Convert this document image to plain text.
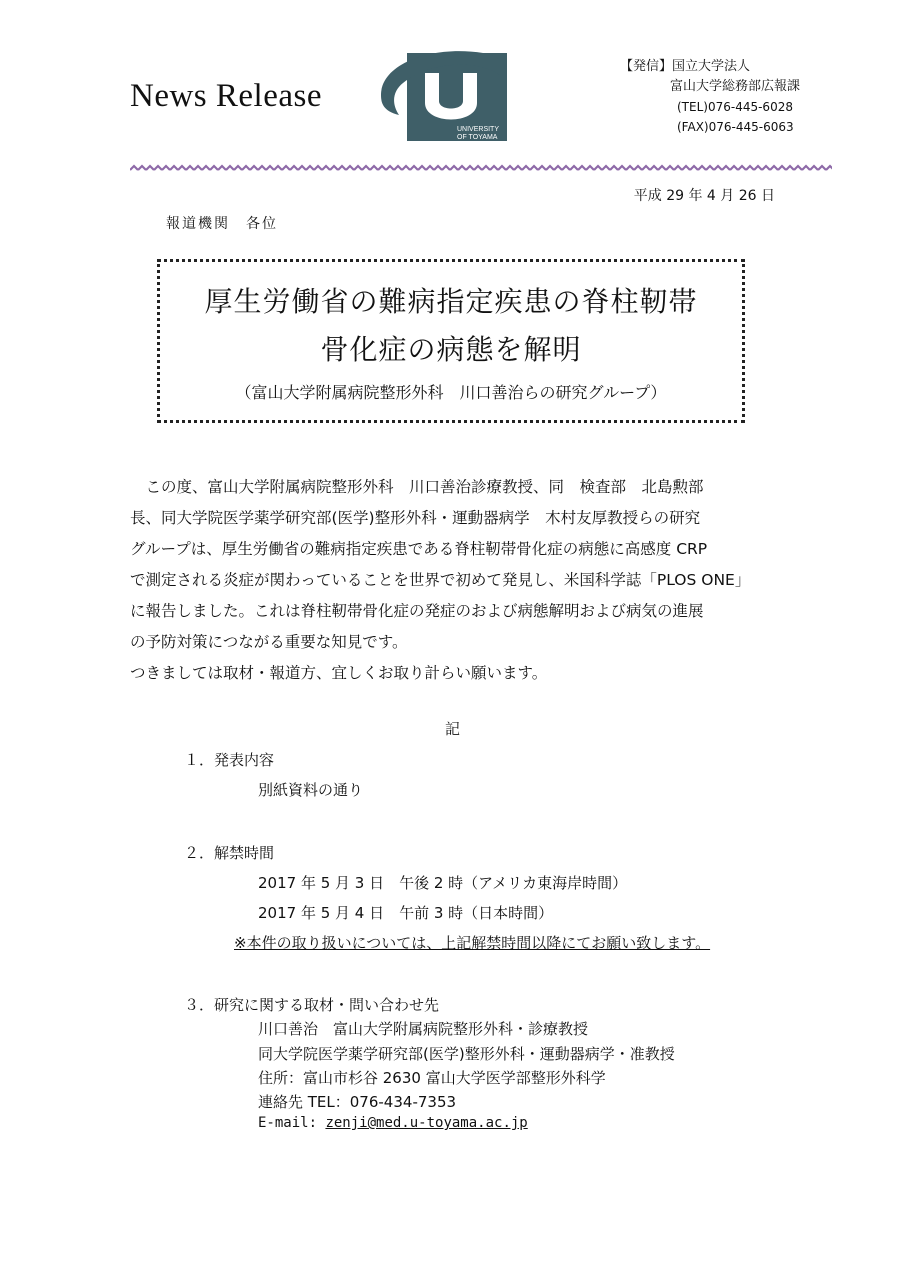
News Release
UNIVERSITY
OF TOYAMA
【発信】国立大学法人
富山大学総務部広報課
(TEL)076-445-6028
(FAX)076-445-6063
平成 29 年 4 月 26 日
報道機関　各位
厚生労働省の難病指定疾患の脊柱靭帯
骨化症の病態を解明
（富山大学附属病院整形外科　川口善治らの研究グループ）
　この度、富山大学附属病院整形外科　川口善治診療教授、同　検査部　北島勲部
長、同大学院医学薬学研究部(医学)整形外科・運動器病学　木村友厚教授らの研究
グループは、厚生労働省の難病指定疾患である脊柱靭帯骨化症の病態に高感度 CRP
で測定される炎症が関わっていることを世界で初めて発見し、米国科学誌「PLOS ONE」
に報告しました。これは脊柱靭帯骨化症の発症のおよび病態解明および病気の進展
の予防対策につながる重要な知見です。
つきましては取材・報道方、宜しくお取り計らい願います。
記
１．発表内容
別紙資料の通り
２．解禁時間
2017 年 5 月 3 日　午後 2 時（アメリカ東海岸時間）
2017 年 5 月 4 日　午前 3 時（日本時間）
※本件の取り扱いについては、上記解禁時間以降にてお願い致します。
３．研究に関する取材・問い合わせ先
川口善治　富山大学附属病院整形外科・診療教授
同大学院医学薬学研究部(医学)整形外科・運動器病学・准教授
住所：富山市杉谷 2630 富山大学医学部整形外科学
連絡先 TEL：076-434-7353
E-mail: zenji@med.u-toyama.ac.jp
